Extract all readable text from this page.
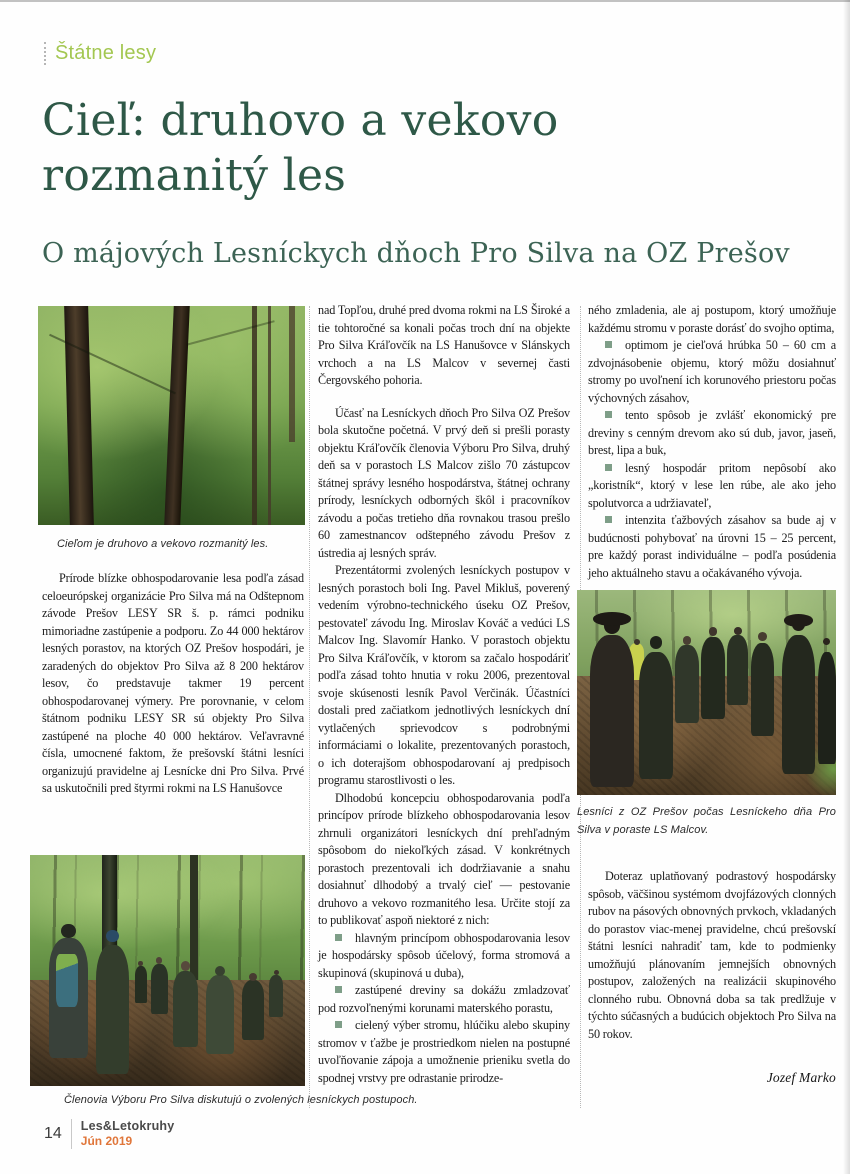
Štátne lesy
Cieľ: druhovo a vekovo rozmanitý les
O májových Lesníckych dňoch Pro Silva na OZ Prešov
Cieľom je druhovo a vekovo rozmanitý les.

Prírode blízke obhospodarovanie lesa podľa zásad celoeurópskej organizácie Pro Silva má na Odštepnom závode Prešov LESY SR š. p. rámci podniku mimoriadne zastúpenie a podporu. Zo 44 000 hektárov lesných porastov, na ktorých OZ Prešov hospodári, je zaradených do objektov Pro Silva až 8 200 hektárov lesov, čo predstavuje takmer 19 percent obhospodarovanej výmery. Pre porovnanie, v celom štátnom podniku LESY SR sú objekty Pro Silva zastúpené na ploche 40 000 hektárov. Veľavravné čísla, umocnené faktom, že prešovskí štátni lesníci organizujú pravidelne aj Lesnícke dni Pro Silva. Prvé sa uskutočnili pred štyrmi rokmi na LS Hanušovce

Členovia Výboru Pro Silva diskutujú o zvolených lesníckych postupoch.

nad Topľou, druhé pred dvoma rokmi na LS Široké a tie tohtoročné sa konali počas troch dní na objekte Pro Silva Kráľovčík na LS Hanušovce v Slánskych vrchoch a na LS Malcov v severnej časti Čergovského pohoria.

Účasť na Lesníckych dňoch Pro Silva OZ Prešov bola skutočne početná. V prvý deň si prešli porasty objektu Kráľovčík členovia Výboru Pro Silva, druhý deň sa v porastoch LS Malcov zišlo 70 zástupcov štátnej správy lesného hospodárstva, štátnej ochrany prírody, lesníckych odborných škôl i pracovníkov závodu a počas tretieho dňa rovnakou trasou prešlo 60 zamestnancov odštepného závodu Prešov z ústredia aj lesných správ.

Prezentátormi zvolených lesníckych postupov v lesných porastoch boli Ing. Pavel Mikluš, poverený vedením výrobno-technického úseku OZ Prešov, pestovateľ závodu Ing. Miroslav Kováč a vedúci LS Malcov Ing. Slavomír Hanko. V porastoch objektu Pro Silva Kráľovčík, v ktorom sa začalo hospodáriť podľa zásad tohto hnutia v roku 2006, prezentoval svoje skúsenosti lesník Pavol Verčinák. Účastníci dostali pred začiatkom jednotlivých lesníckych dní vytlačených sprievodcov s podrobnými informáciami o lokalite, prezentovaných porastoch, o ich doterajšom obhospodarovaní aj predpisoch programu starostlivosti o les.

Dlhodobú koncepciu obhospodarovania podľa princípov prírode blízkeho obhospodarovania lesov zhrnuli organizátori lesníckych dní prehľadným spôsobom do niekoľkých zásad. V konkrétnych porastoch prezentovali ich dodržiavanie a snahu dosiahnuť dlhodobý a trvalý cieľ — pestovanie druhovo a vekovo rozmanitého lesa. Určite stojí za to publikovať aspoň niektoré z nich:

hlavným princípom obhospodarovania lesov je hospodársky spôsob účelový, forma stromová a skupinová (skupinová u duba),

zastúpené dreviny sa dokážu zmladzovať pod rozvoľnenými korunami materského porastu,

cielený výber stromu, hlúčiku alebo skupiny stromov v ťažbe je prostriedkom nielen na postupné uvoľňovanie zápoja a umožnenie prieniku svetla do spodnej vrstvy pre odrastanie prirodze-

ného zmladenia, ale aj postupom, ktorý umožňuje každému stromu v poraste dorásť do svojho optima,

optimom je cieľová hrúbka 50 – 60 cm a zdvojnásobenie objemu, ktorý môžu dosiahnuť stromy po uvoľnení ich korunového priestoru počas výchovných zásahov,

tento spôsob je zvlášť ekonomický pre dreviny s cenným drevom ako sú dub, javor, jaseň, brest, lipa a buk,

lesný hospodár pritom nepôsobí ako „koristník“, ktorý v lese len rúbe, ale ako jeho spolutvorca a udržiavateľ,

intenzita ťažbových zásahov sa bude aj v budúcnosti pohybovať na úrovni 15 – 25 percent, pre každý porast individuálne – podľa posúdenia jeho aktuálneho stavu a očakávaného vývoja.

Lesníci z OZ Prešov počas Lesníckeho dňa Pro Silva v poraste LS Malcov.

Doteraz uplatňovaný podrastový hospodársky spôsob, väčšinou systémom dvojfázových clonných rubov na pásových obnovných prvkoch, vkladaných do porastov viac-menej pravidelne, chcú prešovskí štátni lesníci nahradiť tam, kde to podmienky umožňujú plánovaním jemnejších obnovných postupov, založených na realizácii skupinového clonného rubu. Obnovná doba sa tak predlžuje v týchto súčasných a budúcich objektoch Pro Silva na 50 rokov.

Jozef Marko

14 Les&Letokruhy
Jún 2019
